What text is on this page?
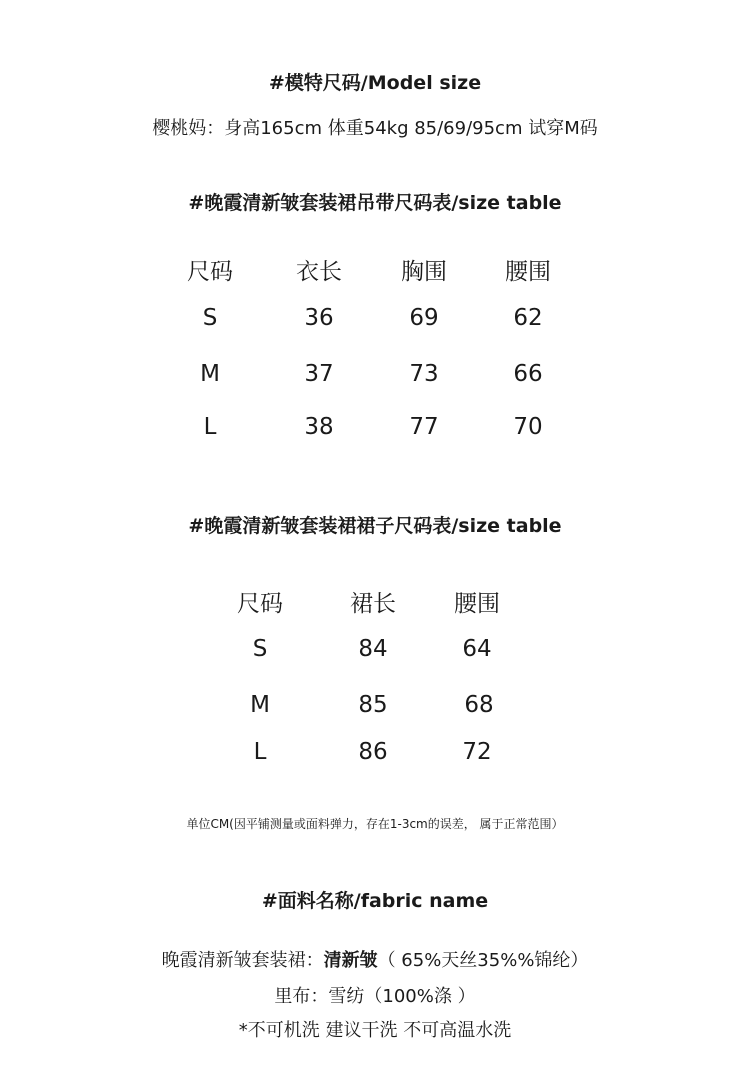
#模特尺码/Model size
樱桃妈：身高165cm 体重54kg 85/69/95cm 试穿M码
#晚霞清新皱套装裙吊带尺码表/size table
尺码	衣长	胸围	腰围
S	36	69	62
M	37	73	66
L	38	77	70
#晚霞清新皱套装裙裙子尺码表/size table
尺码	裙长	腰围
S	84	64
M	85	68
L	86	72
单位CM(因平铺测量或面料弹力，存在1-3cm的误差， 属于正常范围）
#面料名称/fabric name
晚霞清新皱套装裙：清新皱（ 65%天丝35%%锦纶）
里布：雪纺（100%涤 ）
*不可机洗 建议干洗 不可高温水洗
